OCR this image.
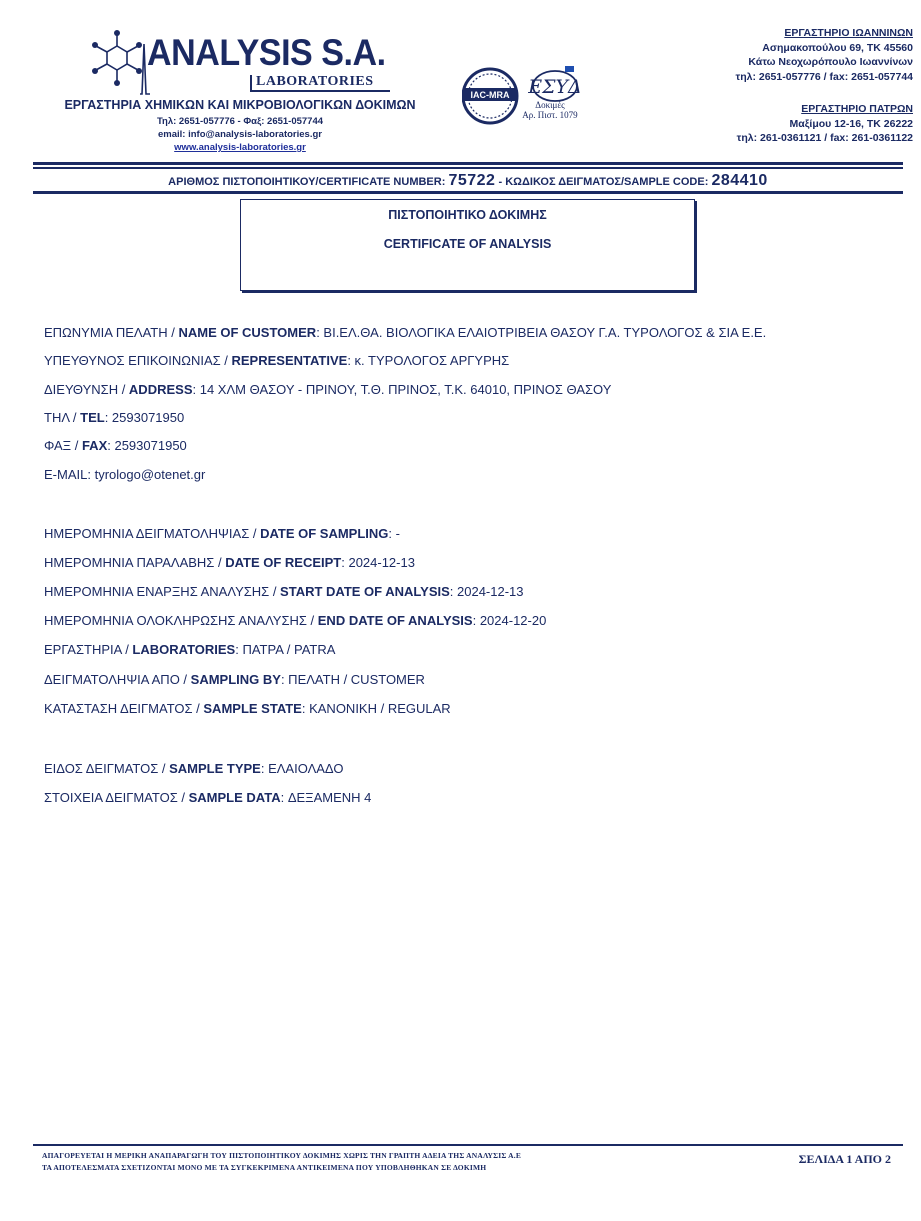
ANALYSIS S.A.
LABORATORIES
ΕΡΓΑΣΤΗΡΙΑ ΧΗΜΙΚΩΝ ΚΑΙ ΜΙΚΡΟΒΙΟΛΟΓΙΚΩΝ ΔΟΚΙΜΩΝ
Τηλ: 2651-057776 - Φαξ: 2651-057744
email: info@analysis-laboratories.gr
www.analysis-laboratories.gr
IAC-MRA ΕΣΥΔ
Δοκιμές
Αρ. Πιστ. 1079
ΕΡΓΑΣΤΗΡΙΟ ΙΩΑΝΝΙΝΩΝ
Ασημακοπούλου 69, ΤΚ 45560
Κάτω Νεοχωρόπουλο Ιωαννίνων
τηλ: 2651-057776 / fax: 2651-057744
ΕΡΓΑΣΤΗΡΙΟ ΠΑΤΡΩΝ
Μαξίμου 12-16, ΤΚ 26222
τηλ: 261-0361121 / fax: 261-0361122
ΑΡΙΘΜΟΣ ΠΙΣΤΟΠΟΙΗΤΙΚΟΥ/CERTIFICATE NUMBER: 75722 - ΚΩΔΙΚΟΣ ΔΕΙΓΜΑΤΟΣ/SAMPLE CODE: 284410
ΠΙΣΤΟΠΟΙΗΤΙΚΟ ΔΟΚΙΜΗΣ
CERTIFICATE OF ANALYSIS
ΕΠΩΝΥΜΙΑ ΠΕΛΑΤΗ / NAME OF CUSTOMER: ΒΙ.ΕΛ.ΘΑ. ΒΙΟΛΟΓΙΚΑ ΕΛΑΙΟΤΡΙΒΕΙΑ ΘΑΣΟΥ Γ.Α. ΤΥΡΟΛΟΓΟΣ & ΣΙΑ Ε.Ε.
ΥΠΕΥΘΥΝΟΣ ΕΠΙΚΟΙΝΩΝΙΑΣ / REPRESENTATIVE: κ. ΤΥΡΟΛΟΓΟΣ ΑΡΓΥΡΗΣ
ΔΙΕΥΘΥΝΣΗ / ADDRESS: 14 ΧΛΜ ΘΑΣΟΥ - ΠΡΙΝΟΥ, Τ.Θ. ΠΡΙΝΟΣ, Τ.Κ. 64010, ΠΡΙΝΟΣ ΘΑΣΟΥ
ΤΗΛ / TEL: 2593071950
ΦΑΞ / FAX: 2593071950
E-MAIL: tyrologo@otenet.gr
ΗΜΕΡΟΜΗΝΙΑ ΔΕΙΓΜΑΤΟΛΗΨΙΑΣ / DATE OF SAMPLING: -
ΗΜΕΡΟΜΗΝΙΑ ΠΑΡΑΛΑΒΗΣ / DATE OF RECEIPT: 2024-12-13
ΗΜΕΡΟΜΗΝΙΑ ΕΝΑΡΞΗΣ ΑΝΑΛΥΣΗΣ / START DATE OF ANALYSIS: 2024-12-13
ΗΜΕΡΟΜΗΝΙΑ ΟΛΟΚΛΗΡΩΣΗΣ ΑΝΑΛΥΣΗΣ / END DATE OF ANALYSIS: 2024-12-20
ΕΡΓΑΣΤΗΡΙΑ / LABORATORIES: ΠΑΤΡΑ / PATRA
ΔΕΙΓΜΑΤΟΛΗΨΙΑ ΑΠΟ / SAMPLING BY: ΠΕΛΑΤΗ / CUSTOMER
ΚΑΤΑΣΤΑΣΗ ΔΕΙΓΜΑΤΟΣ / SAMPLE STATE: ΚΑΝΟΝΙΚΗ / REGULAR
ΕΙΔΟΣ ΔΕΙΓΜΑΤΟΣ / SAMPLE TYPE: ΕΛΑΙΟΛΑΔΟ
ΣΤΟΙΧΕΙΑ ΔΕΙΓΜΑΤΟΣ / SAMPLE DATA: ΔΕΞΑΜΕΝΗ 4
ΑΠΑΓΟΡΕΥΕΤΑΙ Η ΜΕΡΙΚΗ ΑΝΑΠΑΡΑΓΩΓΗ ΤΟΥ ΠΙΣΤΟΠΟΙΗΤΙΚΟΥ ΔΟΚΙΜΗΣ ΧΩΡΙΣ ΤΗΝ ΓΡΑΠΤΗ ΑΔΕΙΑ ΤΗΣ ΑΝΑΛΥΣΙΣ Α.Ε
ΤΑ ΑΠΟΤΕΛΕΣΜΑΤΑ ΣΧΕΤΙΖΟΝΤΑΙ ΜΟΝΟ ΜΕ ΤΑ ΣΥΓΚΕΚΡΙΜΕΝΑ ΑΝΤΙΚΕΙΜΕΝΑ ΠΟΥ ΥΠΟΒΛΗΘΗΚΑΝ ΣΕ ΔΟΚΙΜΗ
ΣΕΛΙΔΑ 1 ΑΠΟ 2
